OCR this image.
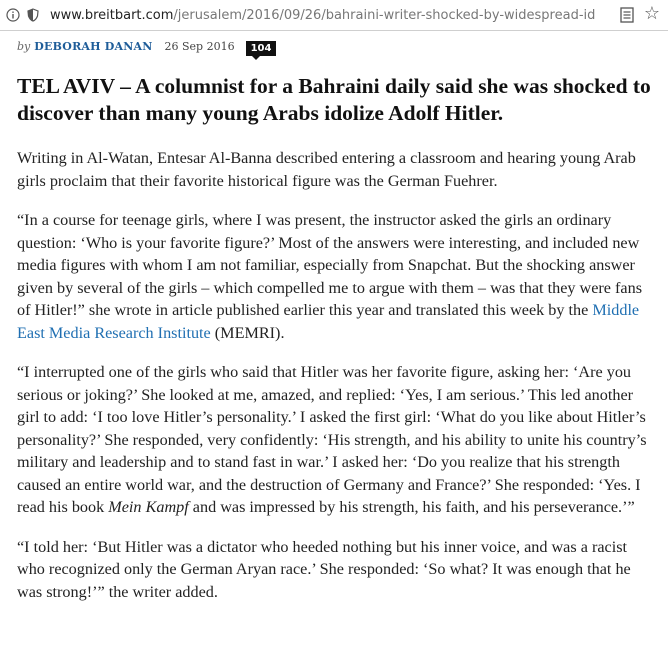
www.breitbart.com/jerusalem/2016/09/26/bahraini-writer-shocked-by-widespread-id	☆
by DEBORAH DANAN 26 Sep 2016	104
TEL AVIV – A columnist for a Bahraini daily said she was shocked to discover than many young Arabs idolize Adolf Hitler.

Writing in Al-Watan, Entesar Al-Banna described entering a classroom and hearing young Arab girls proclaim that their favorite historical figure was the German Fuehrer.

“In a course for teenage girls, where I was present, the instructor asked the girls an ordinary question: ‘Who is your favorite figure?’ Most of the answers were interesting, and included new media figures with whom I am not familiar, especially from Snapchat. But the shocking answer given by several of the girls – which compelled me to argue with them – was that they were fans of Hitler!” she wrote in article published earlier this year and translated this week by the Middle East Media Research Institute (MEMRI).

“I interrupted one of the girls who said that Hitler was her favorite figure, asking her: ‘Are you serious or joking?’ She looked at me, amazed, and replied: ‘Yes, I am serious.’ This led another girl to add: ‘I too love Hitler’s personality.’ I asked the first girl: ‘What do you like about Hitler’s personality?’ She responded, very confidently: ‘His strength, and his ability to unite his country’s military and leadership and to stand fast in war.’ I asked her: ‘Do you realize that his strength caused an entire world war, and the destruction of Germany and France?’ She responded: ‘Yes. I read his book Mein Kampf and was impressed by his strength, his faith, and his perseverance.’”

“I told her: ‘But Hitler was a dictator who heeded nothing but his inner voice, and was a racist who recognized only the German Aryan race.’ She responded: ‘So what? It was enough that he was strong!’” the writer added.
